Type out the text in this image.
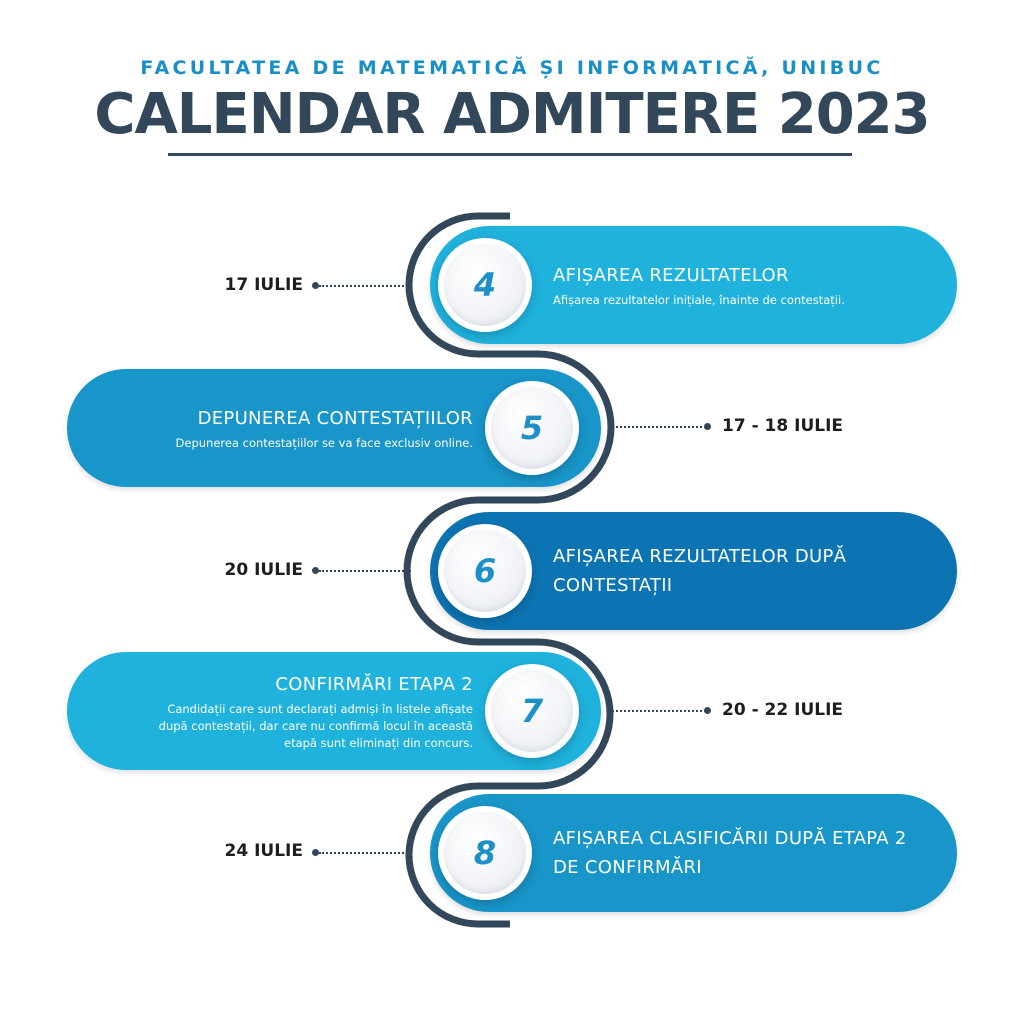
FACULTATEA DE MATEMATICĂ ȘI INFORMATICĂ, UNIBUC
CALENDAR ADMITERE 2023
AFIȘAREA REZULTATELOR
Afișarea rezultatelor inițiale, înainte de contestații.
4
17 IULIE
DEPUNEREA CONTESTAȚIILOR
Depunerea contestațiilor se va face exclusiv online. 5	17 - 18 IULIE
AFIȘAREA REZULTATELOR DUPĂ CONTESTAȚII
6
20 IULIE
CONFIRMĂRI ETAPA 2
Candidații care sunt declarați admiși în listele afișate după contestații, dar care nu confirmă locul în această etapă sunt eliminați din concurs.
7	20 - 22 IULIE
AFIȘAREA CLASIFICĂRII DUPĂ ETAPA 2 DE CONFIRMĂRI
8
24 IULIE
